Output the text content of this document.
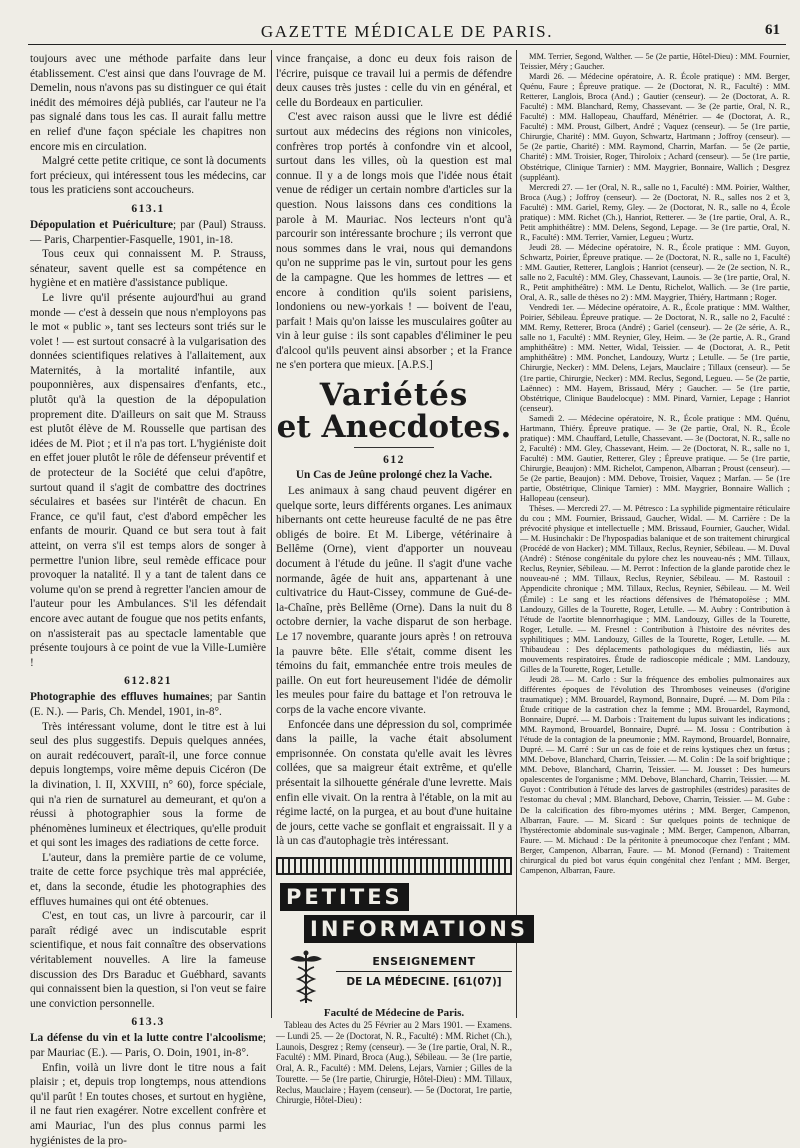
GAZETTE MÉDICALE DE PARIS.	61

toujours avec une méthode parfaite dans leur établissement. C'est ainsi que dans l'ouvrage de M. Demelin, nous n'avons pas su distinguer ce qui était inédit des mémoires déjà publiés, car l'auteur ne l'a pas signalé dans tous les cas. Il aurait fallu mettre en relief d'une façon spéciale les chapitres non encore mis en circulation.

Malgré cette petite critique, ce sont là documents fort précieux, qui intéressent tous les médecins, car tous les praticiens sont accoucheurs.

613.1

Dépopulation et Puériculture; par (Paul) Strauss. — Paris, Charpentier-Fasquelle, 1901, in-18.

Tous ceux qui connaissent M. P. Strauss, sénateur, savent quelle est sa compétence en hygiène et en matière d'assistance publique.

Le livre qu'il présente aujourd'hui au grand monde — c'est à dessein que nous n'employons pas le mot « public », tant ses lecteurs sont triés sur le volet ! — est surtout consacré à la vulgarisation des données scientifiques relatives à l'allaitement, aux Maternités, à la mortalité infantile, aux pouponnières, aux dispensaires d'enfants, etc., plutôt qu'à la question de la dépopulation proprement dite. D'ailleurs on sait que M. Strauss est plutôt élève de M. Rousselle que partisan des idées de M. Piot ; et il n'a pas tort. L'hygiéniste doit en effet jouer plutôt le rôle de défenseur préventif et de protecteur de la Société que celui d'apôtre, surtout quand il s'agit de combattre des doctrines séculaires et basées sur l'intérêt de chacun. En France, ce qu'il faut, c'est d'abord empêcher les enfants de mourir. Quand ce but sera tout à fait atteint, on verra s'il est temps alors de songer à permettre l'union libre, seul remède efficace pour provoquer la natalité. Il y a tant de talent dans ce volume qu'on se prend à regretter l'ancien amour de l'auteur pour les Ambulances. S'il les défendait encore avec autant de fougue que nos petits enfants, on n'assisterait pas au spectacle lamentable que présente toujours à ce point de vue la Ville-Lumière !

612.821

Photographie des effluves humaines; par Santin (E. N.). — Paris, Ch. Mendel, 1901, in-8°.

Très intéressant volume, dont le titre est à lui seul des plus suggestifs. Depuis quelques années, on aurait redécouvert, paraît-il, une force connue depuis longtemps, voire même depuis Cicéron (De la divination, l. II, XXVIII, n° 60), force spéciale, qui n'a rien de surnaturel au demeurant, et qu'on a réussi à photographier sous la forme de phénomènes lumineux et électriques, qu'elle produit et qui sont les images des radiations de cette force.

L'auteur, dans la première partie de ce volume, traite de cette force psychique très mal appréciée, et, dans la seconde, étudie les photographies des effluves humaines qui ont été obtenues.

C'est, en tout cas, un livre à parcourir, car il paraît rédigé avec un indiscutable esprit scientifique, et nous fait connaître des observations véritablement nouvelles. A lire la fameuse discussion des Drs Baraduc et Guébhard, savants qui connaissent bien la question, si l'on veut se faire une conviction personnelle.

613.3

La défense du vin et la lutte contre l'alcoolisme; par Mauriac (E.). — Paris, O. Doin, 1901, in-8°.

Enfin, voilà un livre dont le titre nous a fait plaisir ; et, depuis trop longtemps, nous attendions qu'il parût ! En toutes choses, et surtout en hygiène, il ne faut rien exagérer. Notre excellent confrère et ami Mauriac, l'un des plus connus parmi les hygiénistes de la pro-

vince française, a donc eu deux fois raison de l'écrire, puisque ce travail lui a permis de défendre deux causes très justes : celle du vin en général, et celle du Bordeaux en particulier.

C'est avec raison aussi que le livre est dédié surtout aux médecins des régions non vinicoles, confrères trop portés à confondre vin et alcool, surtout dans les villes, où la question est mal connue. Il y a de longs mois que l'idée nous était venue de rédiger un certain nombre d'articles sur la question. Nous laissons dans ces conditions la parole à M. Mauriac. Nos lecteurs n'ont qu'à parcourir son intéressante brochure ; ils verront que nous sommes dans le vrai, nous qui demandons qu'on ne supprime pas le vin, surtout pour les gens de la campagne. Que les hommes de lettres — et encore à condition qu'ils soient parisiens, londoniens ou new-yorkais ! — boivent de l'eau, parfait ! Mais qu'on laisse les musculaires goûter au vin à leur guise : ils sont capables d'éliminer le peu d'alcool qu'ils peuvent ainsi absorber ; et la France ne s'en portera que mieux. [A.P.S.]

Variétés
et Anecdotes.
612
Un Cas de Jeûne prolongé chez la Vache.

Les animaux à sang chaud peuvent digérer en quelque sorte, leurs différents organes. Les animaux hibernants ont cette heureuse faculté de ne pas être obligés de boire. Et M. Liberge, vétérinaire à Bellême (Orne), vient d'apporter un nouveau document à l'étude du jeûne. Il s'agit d'une vache normande, âgée de huit ans, appartenant à une cultivatrice du Haut-Cissey, commune de Gué-de-la-Chaîne, près Bellême (Orne). Dans la nuit du 8 octobre dernier, la vache disparut de son herbage. Le 17 novembre, quarante jours après ! on retrouva la pauvre bête. Elle s'était, comme disent les témoins du fait, emmanchée entre trois meules de paille. On eut fort heureusement l'idée de démolir les meules pour faire du battage et l'on retrouva le corps de la vache encore vivante.

Enfoncée dans une dépression du sol, comprimée dans la paille, la vache était absolument emprisonnée. On constata qu'elle avait les lèvres collées, que sa maigreur était extrême, et qu'elle présentait la silhouette générale d'une levrette. Mais enfin elle vivait. On la rentra à l'étable, on la mit au régime lacté, on la purgea, et au bout d'une huitaine de jours, cette vache se gonflait et engraissait. Il y a là un cas d'autophagie très intéressant.

PETITES
INFORMATIONS
ENSEIGNEMENT
DE LA MÉDECINE. [61(07)]
Faculté de Médecine de Paris.

Tableau des Actes du 25 Février au 2 Mars 1901. — Examens. — Lundi 25. — 2e (Doctorat, N. R., Faculté) : MM. Richet (Ch.), Launois, Desgrez ; Remy (censeur). — 3e (1re partie, Oral, N. R., Faculté) : MM. Pinard, Broca (Aug.), Sébileau. — 3e (1re partie, Oral, A. R., Faculté) : MM. Delens, Lejars, Varnier ; Gilles de la Tourette. — 5e (1re partie, Chirurgie, Hôtel-Dieu) : MM. Tillaux, Reclus, Mauclaire ; Hayem (censeur). — 5e (Doctorat, 1re partie, Chirurgie, Hôtel-Dieu) :

MM. Terrier, Segond, Walther. — 5e (2e partie, Hôtel-Dieu) : MM. Fournier, Teissier, Méry ; Gaucher.

Mardi 26. — Médecine opératoire, A. R. École pratique) : MM. Berger, Quénu, Faure ; Épreuve pratique. — 2e (Doctorat, N. R., Faculté) : MM. Retterer, Langlois, Broca (And.) ; Gautier (censeur). — 2e (Doctorat, A. R. Faculté) : MM. Blanchard, Remy, Chassevant. — 3e (2e partie, Oral, N. R., Faculté) : MM. Hallopeau, Chauffard, Ménétrier. — 4e (Doctorat, A. R., Faculté) : MM. Proust, Gilbert, André ; Vaquez (censeur). — 5e (1re partie, Chirurgie, Charité) : MM. Guyon, Schwartz, Hartmann ; Joffroy (censeur). — 5e (2e partie, Charité) : MM. Raymond, Charrin, Marfan. — 5e (2e partie, Charité) : MM. Troisier, Roger, Thiroloix ; Achard (censeur). — 5e (1re partie, Obstétrique, Clinique Tarnier) : MM. Maygrier, Bonnaire, Wallich ; Desgrez (suppléant).

Mercredi 27. — 1er (Oral, N. R., salle no 1, Faculté) : MM. Poirier, Walther, Broca (Aug.) ; Joffroy (censeur). — 2e (Doctorat, N. R., salles nos 2 et 3, Faculté) : MM. Gariel, Remy, Gley. — 2e (Doctorat, N. R., salle no 4, École pratique) : MM. Richet (Ch.), Hanriot, Retterer. — 3e (1re partie, Oral, A. R., Petit amphithéâtre) : MM. Delens, Segond, Lepage. — 3e (1re partie, Oral, N. R., Faculté) : MM. Terrier, Varnier, Legueu ; Wurtz.

Jeudi 28. — Médecine opératoire, N. R., École pratique : MM. Guyon, Schwartz, Poirier, Épreuve pratique. — 2e (Doctorat, N. R., salle no 1, Faculté) : MM. Gautier, Retterer, Langlois ; Hanriot (censeur). — 2e (2e section, N. R., salle no 2, Faculté) : MM. Gley, Chassevant, Launois. — 3e (1re partie, Oral, N. R., Petit amphithéâtre) : MM. Le Dentu, Richelot, Wallich. — 3e (1re partie, Oral, A. R., salle de thèses no 2) : MM. Maygrier, Thiéry, Hartmann ; Roger.

Vendredi 1er. — Médecine opératoire, A. R., École pratique : MM. Walther, Poirier, Sébileau. Épreuve pratique. — 2e Doctorat, N. R., salle no 2, Faculté : MM. Remy, Retterer, Broca (André) ; Gariel (censeur). — 2e (2e série, A. R., salle no 1, Faculté) : MM. Reynier, Gley, Heim. — 3e (2e partie, A. R., Grand amphithéâtre) : MM. Netter, Widal, Teissier. — 4e (Doctorat, A. R., Petit amphithéâtre) : MM. Ponchet, Landouzy, Wurtz ; Letulle. — 5e (1re partie, Chirurgie, Necker) : MM. Delens, Lejars, Mauclaire ; Tillaux (censeur). — 5e (1re partie, Chirurgie, Necker) : MM. Reclus, Segond, Legueu. — 5e (2e partie, Laënnec) : MM. Hayem, Brissaud, Méry ; Gaucher. — 5e (1re partie, Obstétrique, Clinique Baudelocque) : MM. Pinard, Varnier, Lepage ; Hanriot (censeur).

Samedi 2. — Médecine opératoire, N. R., École pratique : MM. Quénu, Hartmann, Thiéry. Épreuve pratique. — 3e (2e partie, Oral, N. R., École pratique) : MM. Chauffard, Letulle, Chassevant. — 3e (Doctorat, N. R., salle no 2, Faculté) : MM. Gley, Chassevant, Heim. — 2e (Doctorat, N. R., salle no 1, Faculté) : MM. Gautier, Retterer, Gley ; Épreuve pratique. — 5e (1re partie, Chirurgie, Beaujon) : MM. Richelot, Campenon, Albarran ; Proust (censeur). — 5e (2e partie, Beaujon) : MM. Debove, Troisier, Vaquez ; Marfan. — 5e (1re partie, Obstétrique, Clinique Tarnier) : MM. Maygrier, Bonnaire Wallich ; Hallopeau (censeur).

Thèses. — Mercredi 27. — M. Pétresco : La syphilide pigmentaire réticulaire du cou ; MM. Fournier, Brissaud, Gaucher, Widal. — M. Carrière : De la prévocité physique et intellectuelle ; MM. Brissaud, Fournier, Gaucher, Widal. — M. Husinchakir : De l'hypospadias balanique et de son traitement chirurgical (Procédé de von Hacker) ; MM. Tillaux, Reclus, Reynier, Sébileau. — M. Duval (André) : Sténose congénitale du pylore chez les nouveau-nés ; MM. Tillaux, Reclus, Reynier, Sébileau. — M. Perrot : Infection de la glande parotide chez le nouveau-né ; MM. Tillaux, Reclus, Reynier, Sébileau. — M. Rastouil : Appendicite chronique ; MM. Tillaux, Reclus, Reynier, Sébileau. — M. Weil (Émile) : Le sang et les réactions défensives de l'hématopoïèse ; MM. Landouzy, Gilles de la Tourette, Roger, Letulle. — M. Aubry : Contribution à l'étude de l'aortite blennorrhagique ; MM. Landouzy, Gilles de la Tourette, Roger, Letulle. — M. Fresnel : Contribution à l'histoire des névrites des syphilitiques ; MM. Landouzy, Gilles de la Tourette, Roger, Letulle. — M. Thibaudeau : Des déplacements pathologiques du médiastin, liés aux mouvements respiratoires. Étude de radioscopie médicale ; MM. Landouzy, Gilles de la Tourette, Roger, Letulle.

Jeudi 28. — M. Carlo : Sur la fréquence des embolies pulmonaires aux différentes époques de l'évolution des Thromboses veineuses (d'origine traumatique) ; MM. Brouardel, Raymond, Bonnaire, Dupré. — M. Dom Pila : Étude critique de la castration chez la femme ; MM. Brouardel, Raymond, Bonnaire, Dupré. — M. Darbois : Traitement du lupus suivant les indications ; MM. Raymond, Brouardel, Bonnaire, Dupré. — M. Jossu : Contribution à l'étude de la contagion de la pneumonie ; MM. Raymond, Brouardel, Bonnaire, Dupré. — M. Carré : Sur un cas de foie et de reins kystiques chez un fœtus ; MM. Debove, Blanchard, Charrin, Teissier. — M. Colin : De la soif brightique ; MM. Debove, Blanchard, Charrin, Teissier. — M. Jousset : Des humeurs opalescentes de l'organisme ; MM. Debove, Blanchard, Charrin, Teissier. — M. Guyot : Contribution à l'étude des larves de gastrophiles (œstrides) parasites de l'estomac du cheval ; MM. Blanchard, Debove, Charrin, Teissier. — M. Gube : De la calcification des fibro-myomes utérins ; MM. Berger, Campenon, Albarran, Faure. — M. Sicard : Sur quelques points de technique de l'hystérectomie abdominale sus-vaginale ; MM. Berger, Campenon, Albarran, Faure. — M. Michaud : De la péritonite à pneumocoque chez l'enfant ; MM. Berger, Campenon, Albarran, Faure. — M. Monod (Fernand) : Traitement chirurgical du pied bot varus équin congénital chez l'enfant ; MM. Berger, Campenon, Albarran, Faure.
